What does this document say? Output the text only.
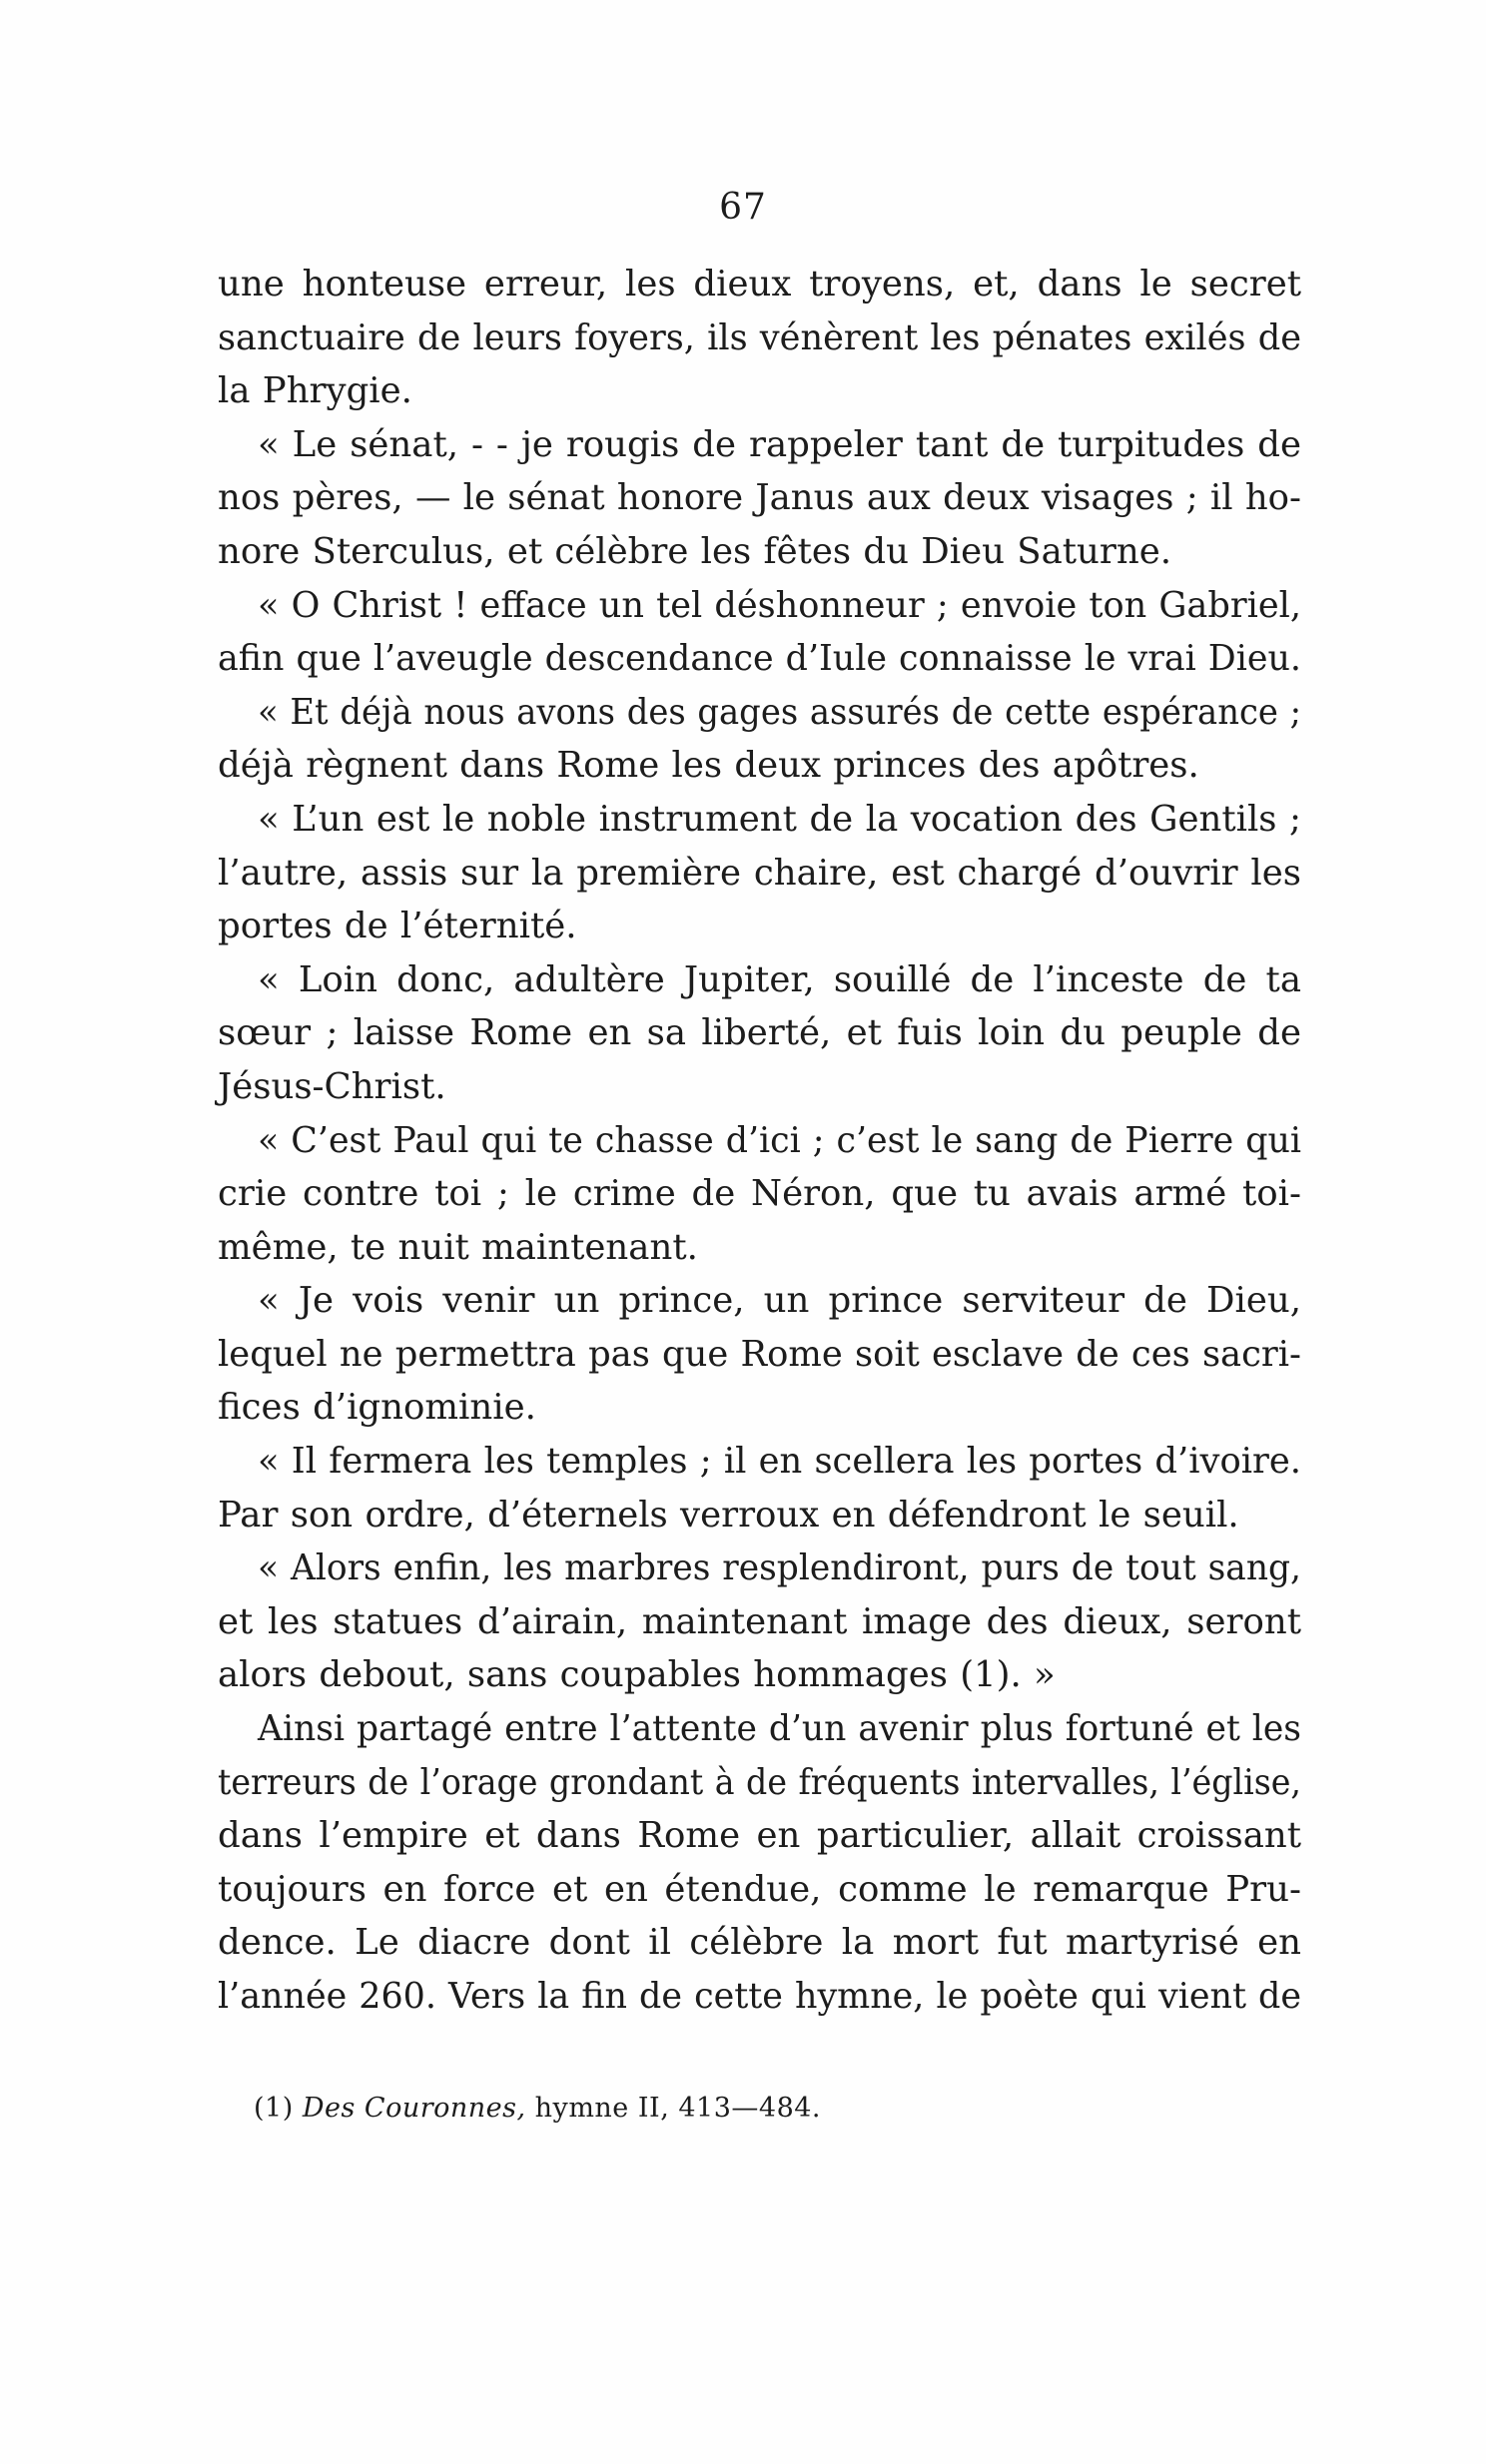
67
une honteuse erreur, les dieux troyens, et, dans le secret
sanctuaire de leurs foyers, ils vénèrent les pénates exilés de
la Phrygie.
« Le sénat, - - je rougis de rappeler tant de turpitudes de
nos pères, — le sénat honore Janus aux deux visages ; il ho-
nore Sterculus, et célèbre les fêtes du Dieu Saturne.
« O Christ ! efface un tel déshonneur ; envoie ton Gabriel,
afin que l’aveugle descendance d’Iule connaisse le vrai Dieu.
« Et déjà nous avons des gages assurés de cette espérance ;
déjà règnent dans Rome les deux princes des apôtres.
« L’un est le noble instrument de la vocation des Gentils ;
l’autre, assis sur la première chaire, est chargé d’ouvrir les
portes de l’éternité.
« Loin donc, adultère Jupiter, souillé de l’inceste de ta
sœur ; laisse Rome en sa liberté, et fuis loin du peuple de
Jésus-Christ.
« C’est Paul qui te chasse d’ici ; c’est le sang de Pierre qui
crie contre toi ; le crime de Néron, que tu avais armé toi-
même, te nuit maintenant.
« Je vois venir un prince, un prince serviteur de Dieu,
lequel ne permettra pas que Rome soit esclave de ces sacri-
fices d’ignominie.
« Il fermera les temples ; il en scellera les portes d’ivoire.
Par son ordre, d’éternels verroux en défendront le seuil.
« Alors enfin, les marbres resplendiront, purs de tout sang,
et les statues d’airain, maintenant image des dieux, seront
alors debout, sans coupables hommages (1). »
Ainsi partagé entre l’attente d’un avenir plus fortuné et les
terreurs de l’orage grondant à de fréquents intervalles, l’église,
dans l’empire et dans Rome en particulier, allait croissant
toujours en force et en étendue, comme le remarque Pru-
dence. Le diacre dont il célèbre la mort fut martyrisé en
l’année 260. Vers la fin de cette hymne, le poète qui vient de
(1) Des Couronnes, hymne II, 413—484.
